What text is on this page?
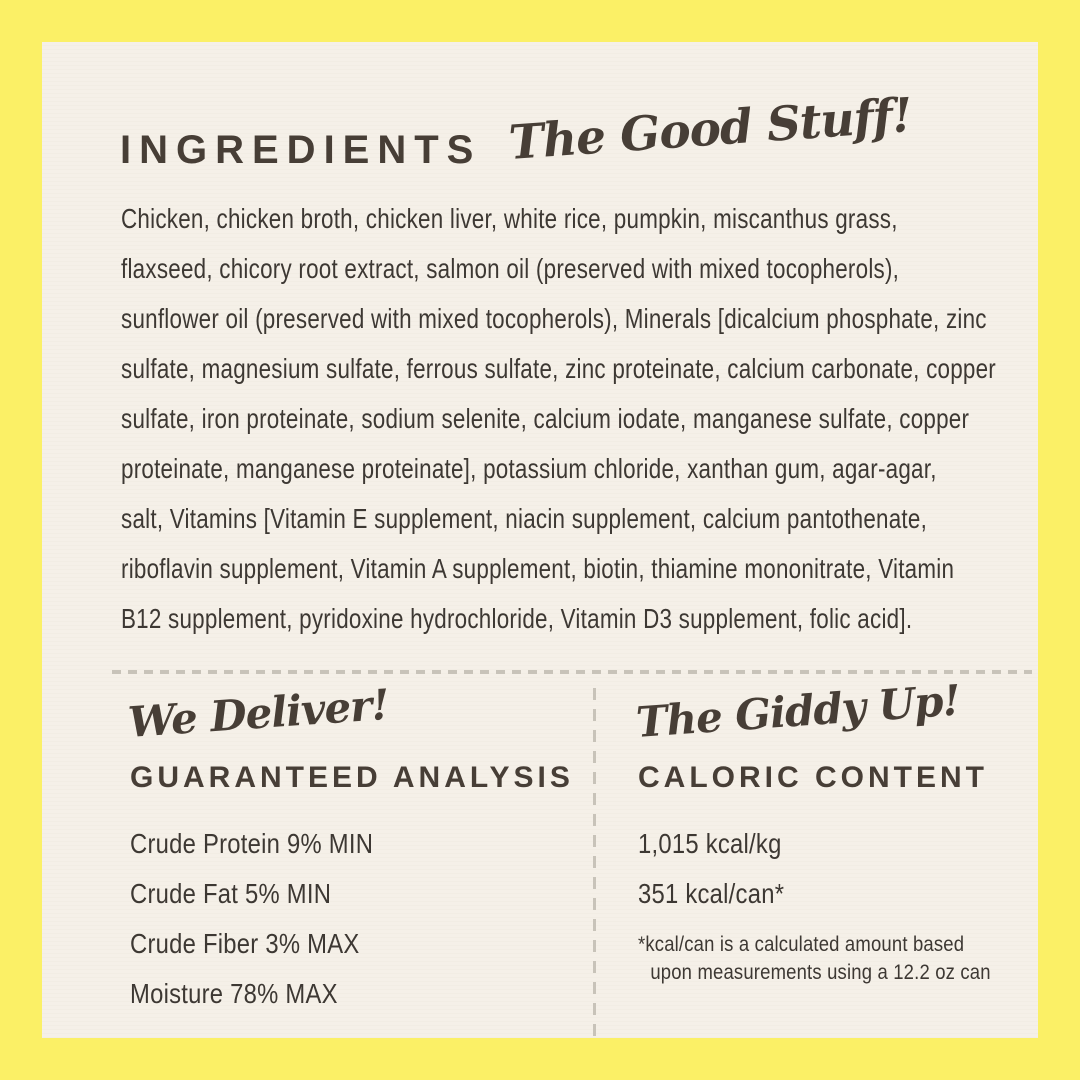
INGREDIENTS The Good Stuff!
Chicken, chicken broth, chicken liver, white rice, pumpkin, miscanthus grass,
flaxseed, chicory root extract, salmon oil (preserved with mixed tocopherols),
sunflower oil (preserved with mixed tocopherols), Minerals [dicalcium phosphate, zinc
sulfate, magnesium sulfate, ferrous sulfate, zinc proteinate, calcium carbonate, copper
sulfate, iron proteinate, sodium selenite, calcium iodate, manganese sulfate, copper
proteinate, manganese proteinate], potassium chloride, xanthan gum, agar-agar,
salt, Vitamins [Vitamin E supplement, niacin supplement, calcium pantothenate,
riboflavin supplement, Vitamin A supplement, biotin, thiamine mononitrate, Vitamin
B12 supplement, pyridoxine hydrochloride, Vitamin D3 supplement, folic acid].
We Deliver!
GUARANTEED ANALYSIS
Crude Protein 9% MIN
Crude Fat 5% MIN
Crude Fiber 3% MAX
Moisture 78% MAX
The Giddy Up!
CALORIC CONTENT
1,015 kcal/kg
351 kcal/can*
*kcal/can is a calculated amount based
upon measurements using a 12.2 oz can
